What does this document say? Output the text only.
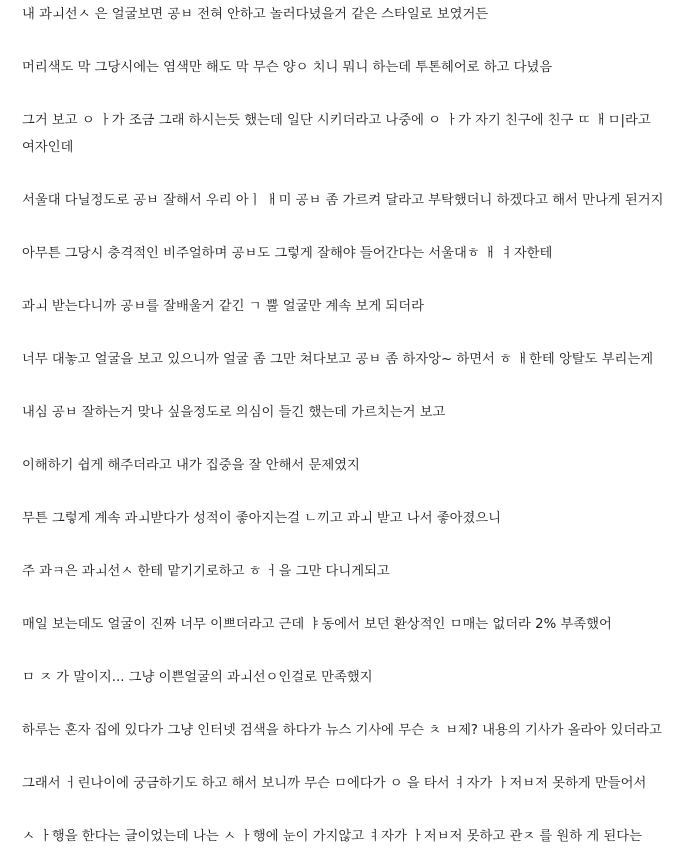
내 과ㅚ선ㅅ 은 얼굴보면 공ㅂ 전혀 안하고 놀러다녔을거 같은 스타일로 보였거든

머리색도 막 그당시에는 염색만 해도 막 무슨 양ㅇ 치니 뭐니 하는데 투톤헤어로 하고 다녔음

그거 보고 ㅇ ㅏ가 조금 그래 하시는듯 했는데 일단 시키더라고 나중에 ㅇ ㅏ가 자기 친구에 친구 ㄸ ㅐㅁ|라고 여자인데

서울대 다닐정도로 공ㅂ 잘해서 우리 아ㅣ ㅐ미 공ㅂ 좀 가르켜 달라고 부탁했더니 하겠다고 해서 만나게 된거지

아무튼 그당시 충격적인 비주얼하며 공ㅂ도 그렇게 잘해야 들어간다는 서울대ㅎ ㅐ ㅕ자한테

과ㅚ 받는다니까 공ㅂ를 잘배울거 같긴 ㄱ 뿔 얼굴만 계속 보게 되더라

너무 대놓고 얼굴을 보고 있으니까 얼굴 좀 그만 쳐다보고 공ㅂ 좀 하자앙~ 하면서 ㅎ ㅐ한테 앙탈도 부리는게

내심 공ㅂ 잘하는거 맞나 싶을정도로 의심이 들긴 했는데 가르치는거 보고

이해하기 쉽게 해주더라고 내가 집중을 잘 안해서 문제였지

무튼 그렇게 계속 과ㅚ받다가 성적이 좋아지는걸 ㄴ끼고 과ㅚ 받고 나서 좋아졌으니

주 과ㅋ은 과ㅚ선ㅅ 한테 맡기기로하고 ㅎ ㅓ을 그만 다니게되고

매일 보는데도 얼굴이 진짜 너무 이쁘더라고 근데 ㅑ동에서 보던 환상적인 ㅁ매는 없더라 2% 부족했어

ㅁ ㅈ 가 말이지... 그냥 이쁜얼굴의 과ㅚ선ㅇ인걸로 만족했지

하루는 혼자 집에 있다가 그냥 인터넷 검색을 하다가 뉴스 기사에 무슨 ㅊ ㅂ제? 내용의 기사가 올라아 있더라고

그래서 ㅓ린나이에 궁금하기도 하고 해서 보니까 무슨 ㅁ에다가 ㅇ 을 타서 ㅕ자가 ㅏ저ㅂ저 못하게 만들어서

ㅅ ㅏ행을 한다는 글이었는데 나는 ㅅ ㅏ행에 눈이 가지않고 ㅕ자가 ㅏ저ㅂ저 못하고 관ㅈ 를 원하 게 된다는
